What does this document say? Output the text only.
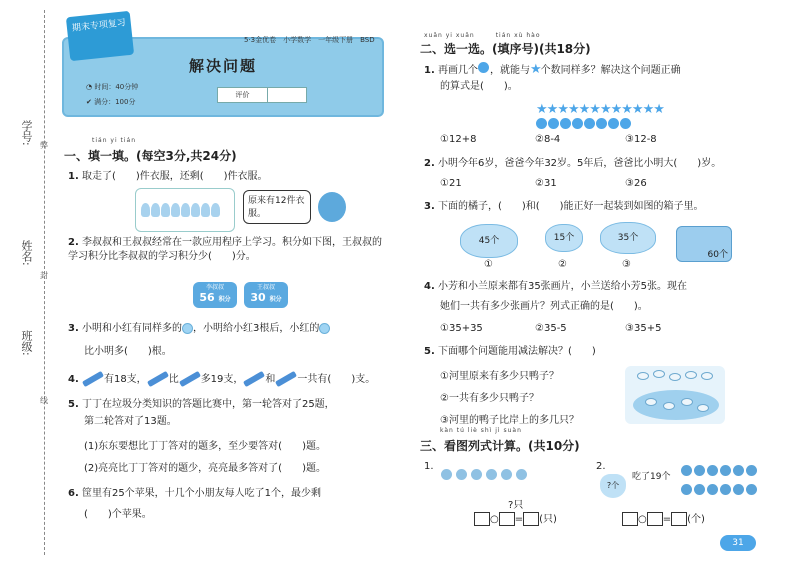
学号:
姓名:
班级:
弊
封
线
解决问题
◔ 时间：40分钟
✔ 满分：100分
评价
期末专项复习
5·3金优卷　小学数学　一年级下册　BSD
tián yi tián
一、填一填。(每空3分,共24分)
1. 取走了(　　)件衣服，还剩(　　)件衣服。
原来有12件衣服。
2. 李叔叔和王叔叔经常在一款应用程序上学习。积分如下图，王叔叔的学习积分比李叔叔的学习积分少(　　)分。
李叔叔
56 积分
王叔叔
30 积分
3. 小明和小红有同样多的 ，小明给小红3根后，小红的
比小明多(　　)根。
4.	有18支， 比 多19支， 和 一共有(　　)支。
5. 丁丁在垃圾分类知识的答题比赛中，第一轮答对了25题，
第二轮答对了13题。
(1)东东要想比丁丁答对的题多，至少要答对(　　)题。
(2)亮亮比丁丁答对的题少，亮亮最多答对了(　　)题。
6. 筐里有25个苹果，十几个小朋友每人吃了1个，最少剩
(　　)个苹果。
xuǎn yi xuǎn　　　tián xù hào
二、选一选。(填序号)(共18分)
1. 再画几个 ，就能与★个数同样多？解决这个问题正确
的算式是(　　)。
★★★★★★★★★★★★
①12+8	②8-4	③12-8
2. 小明今年6岁，爸爸今年32岁。5年后，爸爸比小明大(　　)岁。
①21	②31	③26
3. 下面的橘子，(　　)和(　　)能正好一起装到如图的箱子里。
45个	15个	35个
60个
①	②	③
4. 小芳和小兰原来都有35张画片，小兰送给小芳5张。现在
她们一共有多少张画片？列式正确的是(　　)。
①35+35	②35-5	③35+5
5. 下面哪个问题能用减法解决？(　　)
①河里原来有多少只鸭子？
②一共有多少只鸭子？
③河里的鸭子比岸上的多几只？
kàn tú liè shì jì suàn
三、看图列式计算。(共10分)
1.
?只
○ = (只)
2.
?个
吃了19个

○ = (个)
31
